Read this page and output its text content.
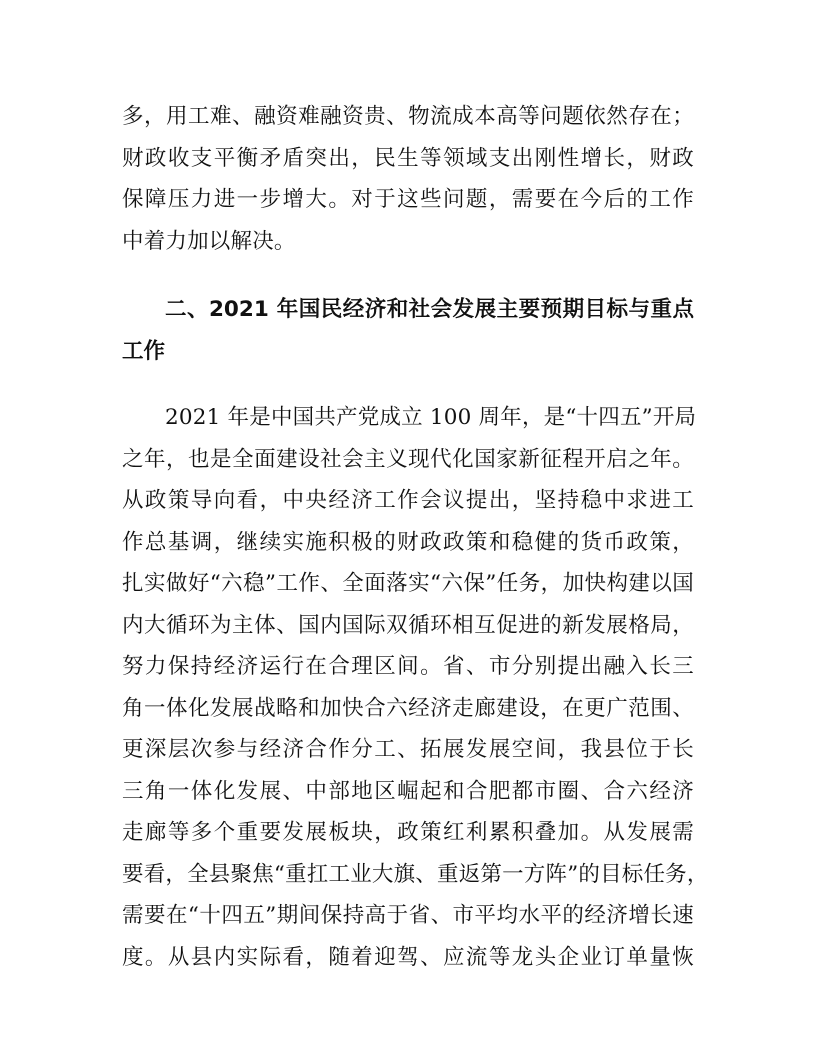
多，用工难、融资难融资贵、物流成本高等问题依然存在；
财政收支平衡矛盾突出，民生等领域支出刚性增长，财政
保障压力进一步增大。对于这些问题，需要在今后的工作
中着力加以解决。
二、2021 年国民经济和社会发展主要预期目标与重点
工作
2021 年是中国共产党成立 100 周年，是“十四五”开局
之年，也是全面建设社会主义现代化国家新征程开启之年。
从政策导向看，中央经济工作会议提出，坚持稳中求进工
作总基调，继续实施积极的财政政策和稳健的货币政策，
扎实做好“六稳”工作、全面落实“六保”任务，加快构建以国
内大循环为主体、国内国际双循环相互促进的新发展格局，
努力保持经济运行在合理区间。省、市分别提出融入长三
角一体化发展战略和加快合六经济走廊建设，在更广范围、
更深层次参与经济合作分工、拓展发展空间，我县位于长
三角一体化发展、中部地区崛起和合肥都市圈、合六经济
走廊等多个重要发展板块，政策红利累积叠加。从发展需
要看，全县聚焦“重扛工业大旗、重返第一方阵”的目标任务，
需要在“十四五”期间保持高于省、市平均水平的经济增长速
度。从县内实际看，随着迎驾、应流等龙头企业订单量恢
